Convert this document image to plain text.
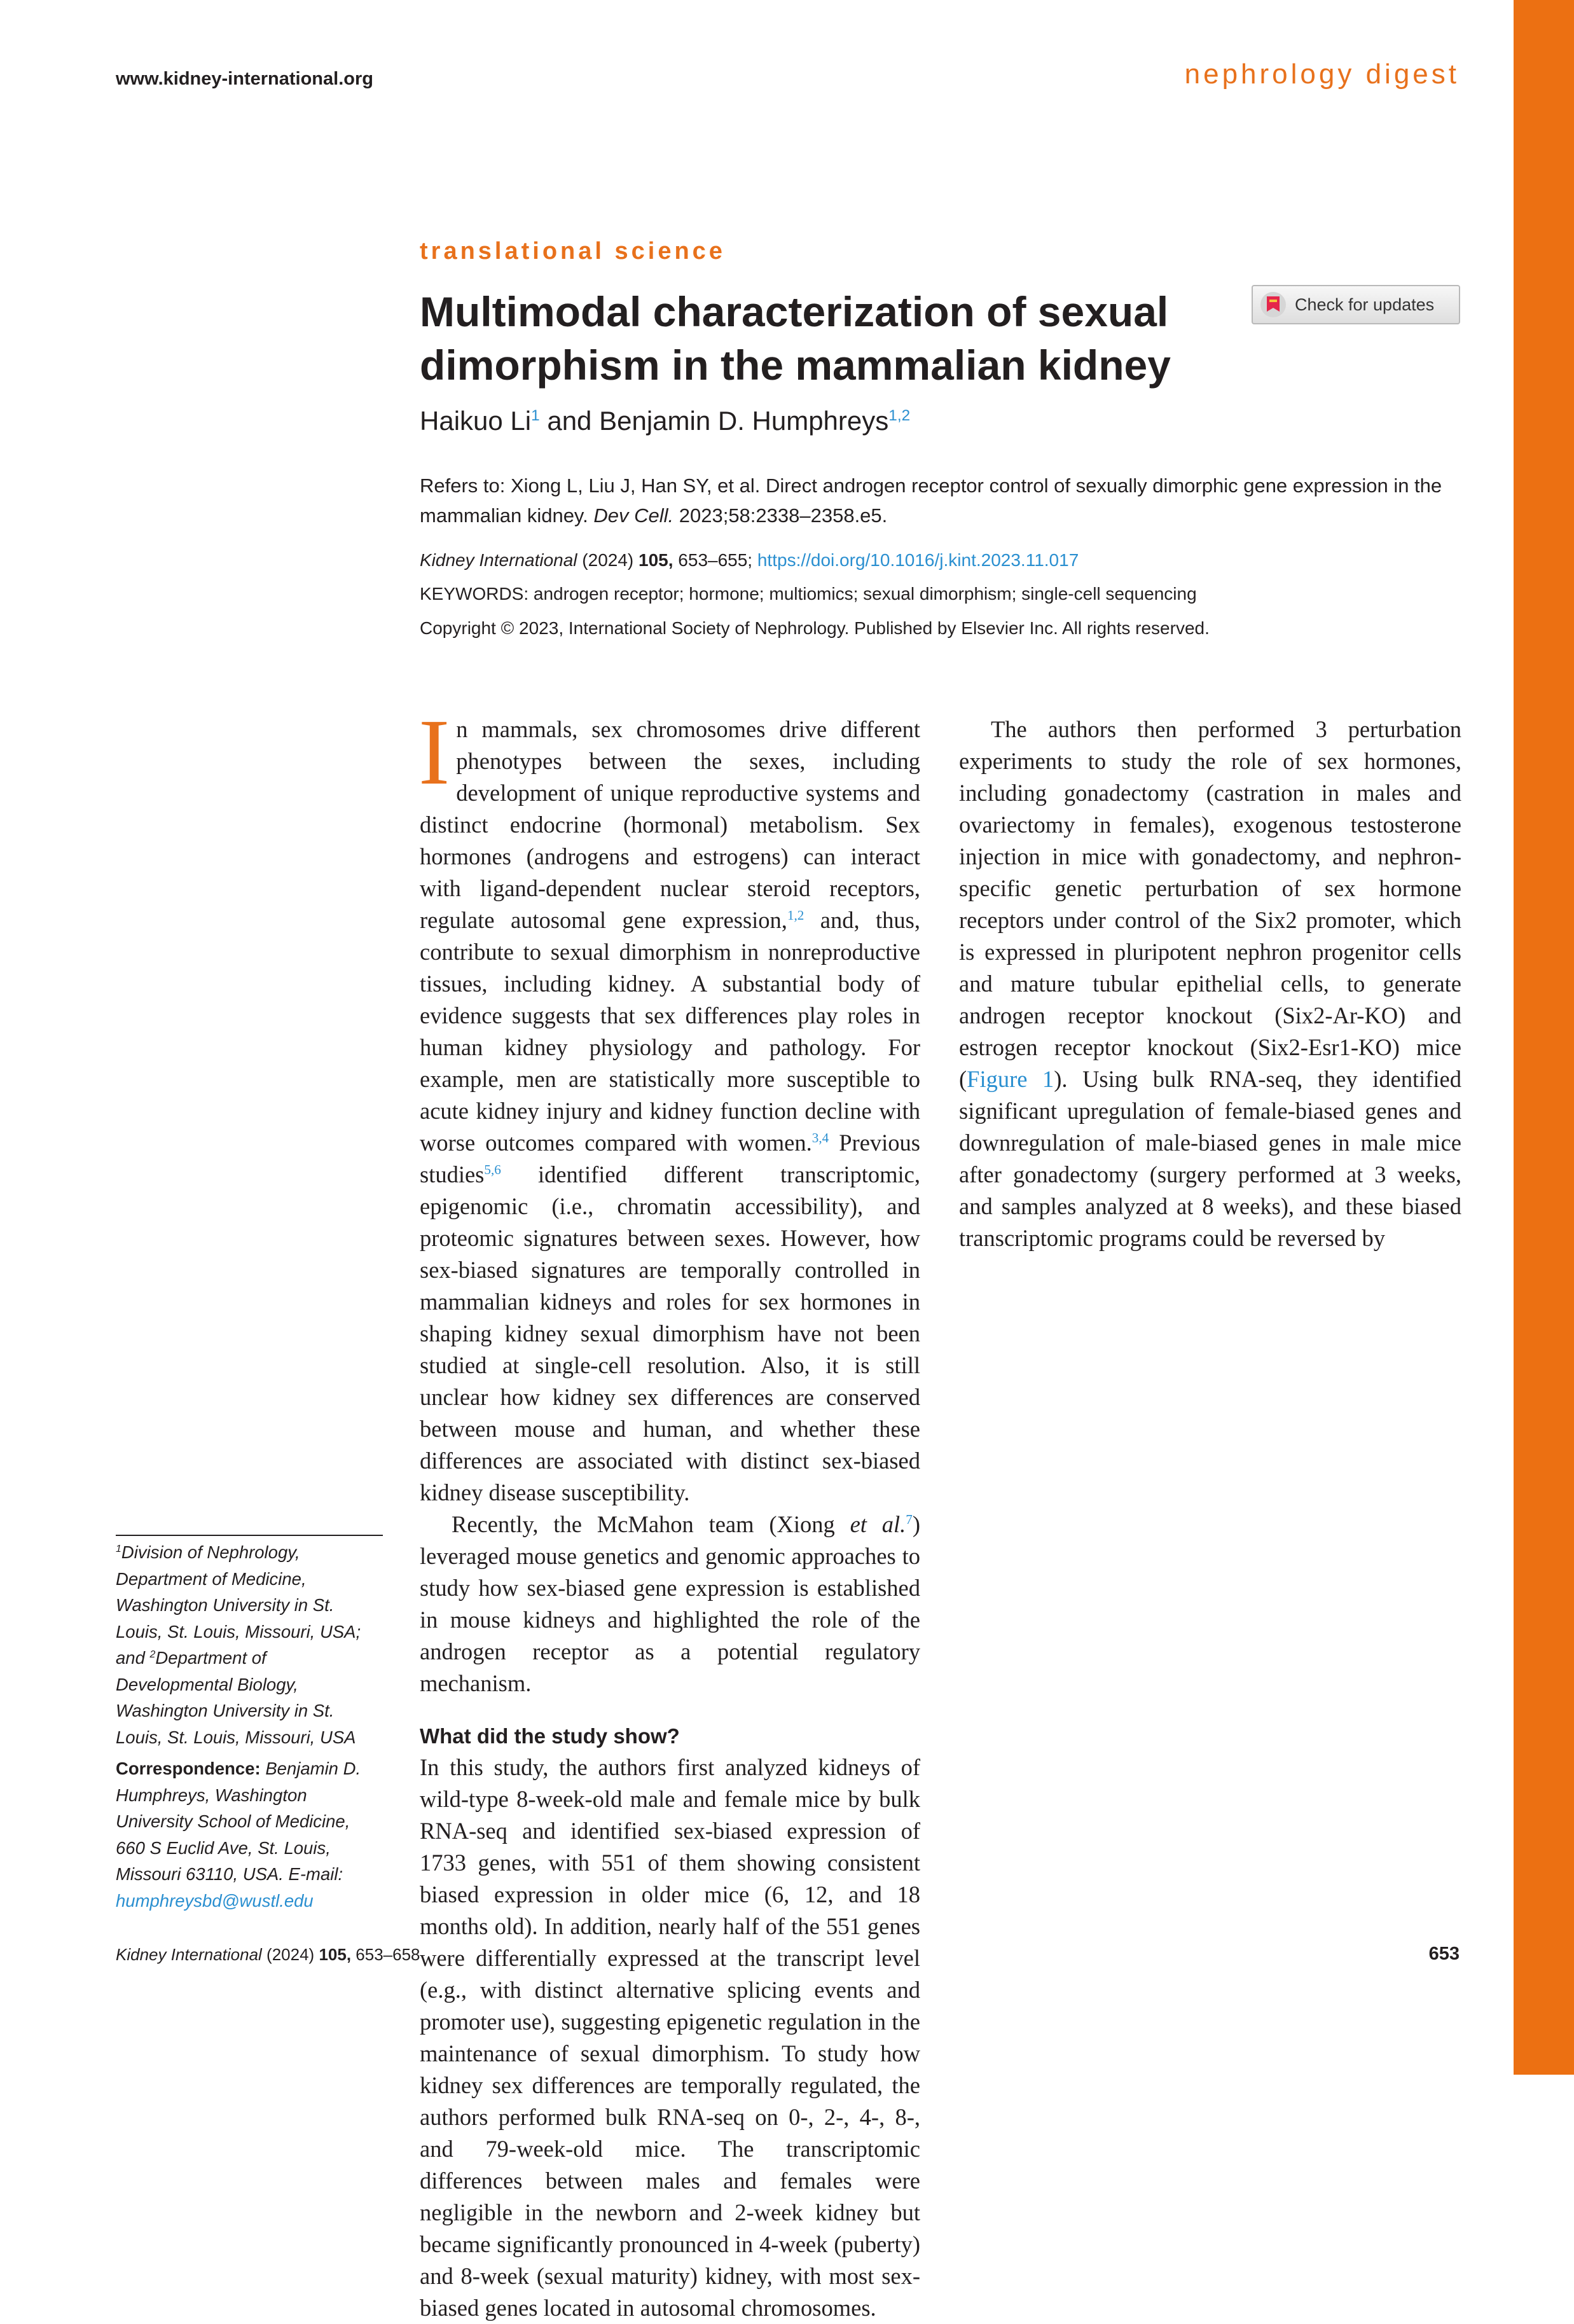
www.kidney-international.org	nephrology digest
translational science
Multimodal characterization of sexual dimorphism in the mammalian kidney
Check for updates
Haikuo Li$^1$ and Benjamin D. Humphreys$^{1,2}$
Refers to: Xiong L, Liu J, Han SY, et al. Direct androgen receptor control of sexually dimorphic gene expression in the mammalian kidney. Dev Cell. 2023;58:2338–2358.e5.
Kidney International (2024) 105, 653–655; https://doi.org/10.1016/j.kint.2023.11.017
KEYWORDS: androgen receptor; hormone; multiomics; sexual dimorphism; single-cell sequencing
Copyright © 2023, International Society of Nephrology. Published by Elsevier Inc. All rights reserved.

In mammals, sex chromosomes drive different phenotypes between the sexes, including development of unique reproductive systems and distinct endocrine (hormonal) metabolism. Sex hormones (androgens and estrogens) can interact with ligand-dependent nuclear steroid receptors, regulate autosomal gene expression,$^{1,2}$ and, thus, contribute to sexual dimorphism in nonreproductive tissues, including kidney. A substantial body of evidence suggests that sex differences play roles in human kidney physiology and pathology. For example, men are statistically more susceptible to acute kidney injury and kidney function decline with worse outcomes compared with women.$^{3,4}$ Previous studies$^{5,6}$ identified different transcriptomic, epigenomic (i.e., chromatin accessibility), and proteomic signatures between sexes. However, how sex-biased signatures are temporally controlled in mammalian kidneys and roles for sex hormones in shaping kidney sexual dimorphism have not been studied at single-cell resolution. Also, it is still unclear how kidney sex differences are conserved between mouse and human, and whether these differences are associated with distinct sex-biased kidney disease susceptibility.

Recently, the McMahon team (Xiong et al.$^7$) leveraged mouse genetics and genomic approaches to study how sex-biased gene expression is established in mouse kidneys and highlighted the role of the androgen receptor as a potential regulatory mechanism.

What did the study show?

In this study, the authors first analyzed kidneys of wild-type 8-week-old male and female mice by bulk RNA-seq and identified sex-biased expression of 1733 genes, with 551 of them showing consistent biased expression in older mice (6, 12, and 18 months old). In addition, nearly half of the 551 genes were differentially expressed at the transcript level (e.g., with distinct alternative splicing events and promoter use), suggesting epigenetic regulation in the maintenance of sexual dimorphism. To study how kidney sex differences are temporally regulated, the authors performed bulk RNA-seq on 0-, 2-, 4-, 8-, and 79-week-old mice. The transcriptomic differences between males and females were negligible in the newborn and 2-week kidney but became significantly pronounced in 4-week (puberty) and 8-week (sexual maturity) kidney, with most sex-biased genes located in autosomal chromosomes.

The authors then performed 3 perturbation experiments to study the role of sex hormones, including gonadectomy (castration in males and ovariectomy in females), exogenous testosterone injection in mice with gonadectomy, and nephron-specific genetic perturbation of sex hormone receptors under control of the Six2 promoter, which is expressed in pluripotent nephron progenitor cells and mature tubular epithelial cells, to generate androgen receptor knockout (Six2-Ar-KO) and estrogen receptor knockout (Six2-Esr1-KO) mice (Figure 1). Using bulk RNA-seq, they identified significant upregulation of female-biased genes and downregulation of male-biased genes in male mice after gonadectomy (surgery performed at 3 weeks, and samples analyzed at 8 weeks), and these biased transcriptomic programs could be reversed by

$^1$Division of Nephrology, Department of Medicine, Washington University in St. Louis, St. Louis, Missouri, USA; and $^2$Department of Developmental Biology, Washington University in St. Louis, St. Louis, Missouri, USA
Correspondence: Benjamin D. Humphreys, Washington University School of Medicine, 660 S Euclid Ave, St. Louis, Missouri 63110, USA. E-mail: humphreysbd@wustl.edu
Kidney International (2024) 105, 653–658	653
